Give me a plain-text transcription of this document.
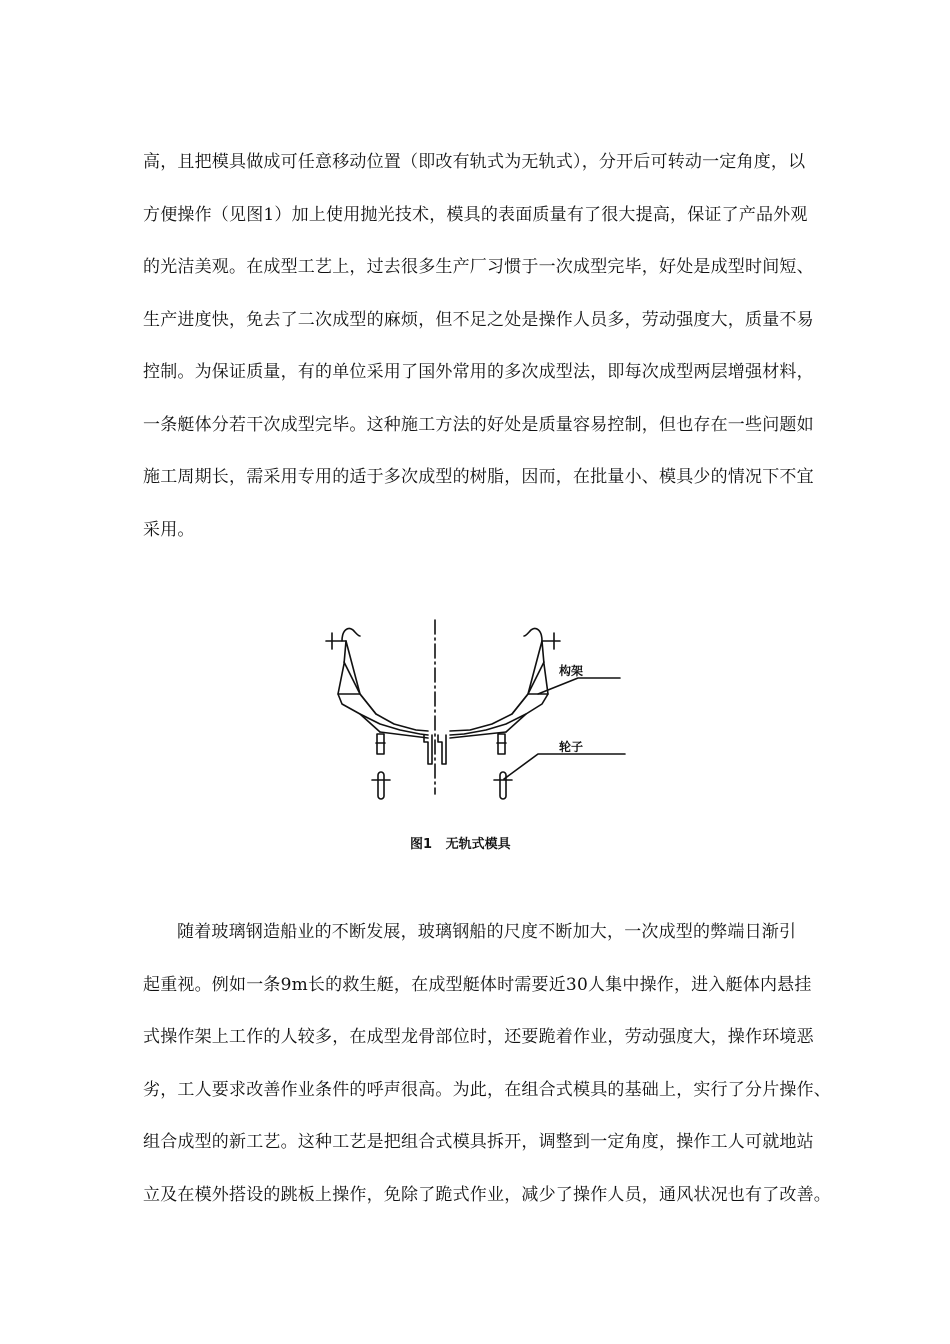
高，且把模具做成可任意移动位置（即改有轨式为无轨式），分开后可转动一定角度，以
方便操作（见图1）加上使用抛光技术，模具的表面质量有了很大提高，保证了产品外观
的光洁美观。在成型工艺上，过去很多生产厂习惯于一次成型完毕，好处是成型时间短、
生产进度快，免去了二次成型的麻烦，但不足之处是操作人员多，劳动强度大，质量不易
控制。为保证质量，有的单位采用了国外常用的多次成型法，即每次成型两层增强材料，
一条艇体分若干次成型完毕。这种施工方法的好处是质量容易控制，但也存在一些问题如
施工周期长，需采用专用的适于多次成型的树脂，因而，在批量小、模具少的情况下不宜
采用。
构架
轮子
图1   无轨式模具
随着玻璃钢造船业的不断发展，玻璃钢船的尺度不断加大，一次成型的弊端日渐引
起重视。例如一条9m长的救生艇，在成型艇体时需要近30人集中操作，进入艇体内悬挂
式操作架上工作的人较多，在成型龙骨部位时，还要跪着作业，劳动强度大，操作环境恶
劣，工人要求改善作业条件的呼声很高。为此，在组合式模具的基础上，实行了分片操作、
组合成型的新工艺。这种工艺是把组合式模具拆开，调整到一定角度，操作工人可就地站
立及在模外搭设的跳板上操作，免除了跪式作业，减少了操作人员，通风状况也有了改善。
